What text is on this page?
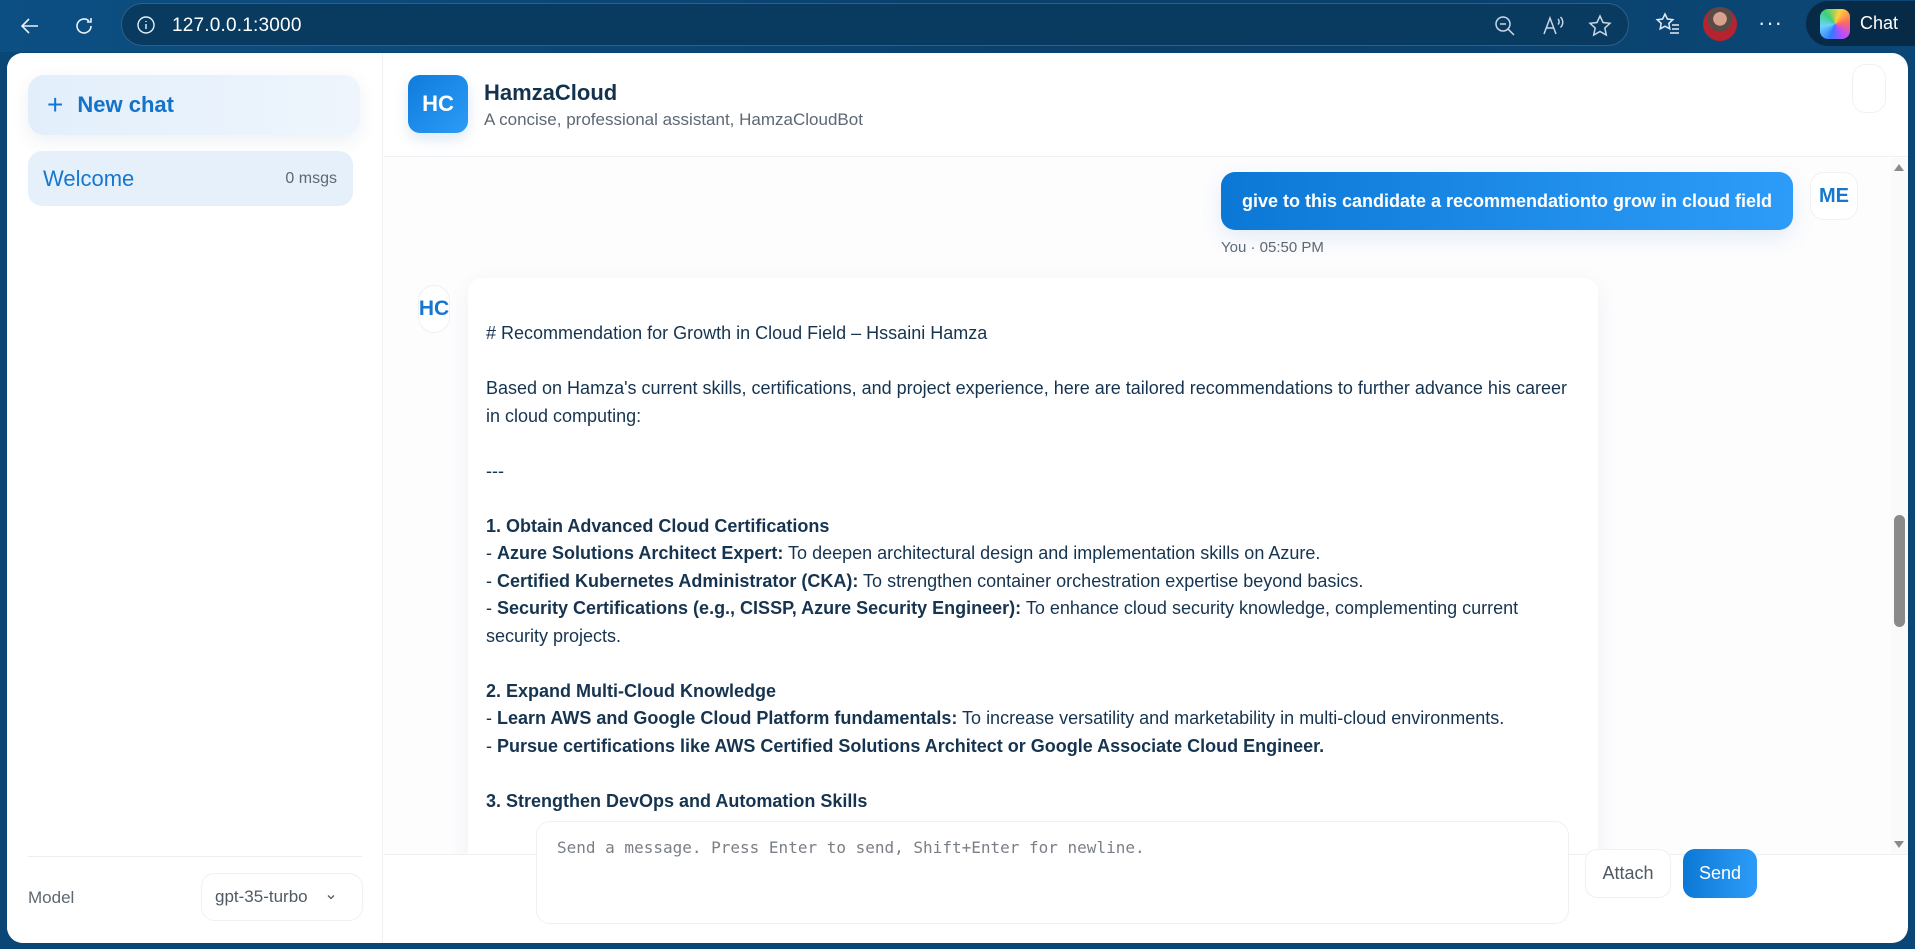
127.0.0.1:3000	···	Chat
+ New chat
Welcome	0 msgs
Model	gpt-35-turbo
HC	HamzaCloud
A concise, professional assistant, HamzaCloudBot
give to this candidate a recommendationto grow in cloud field	ME
You · 05:50 PM
HC

# Recommendation for Growth in Cloud Field – Hssaini Hamza

Based on Hamza's current skills, certifications, and project experience, here are tailored recommendations to further advance his career in cloud computing:

---

1. Obtain Advanced Cloud Certifications

- Azure Solutions Architect Expert: To deepen architectural design and implementation skills on Azure.

- Certified Kubernetes Administrator (CKA): To strengthen container orchestration expertise beyond basics.

- Security Certifications (e.g., CISSP, Azure Security Engineer): To enhance cloud security knowledge, complementing current security projects.

2. Expand Multi-Cloud Knowledge

- Learn AWS and Google Cloud Platform fundamentals: To increase versatility and marketability in multi-cloud environments.

- Pursue certifications like AWS Certified Solutions Architect or Google Associate Cloud Engineer.

3. Strengthen DevOps and Automation Skills

Send a message. Press Enter to send, Shift+Enter for newline.
Attach	Send
